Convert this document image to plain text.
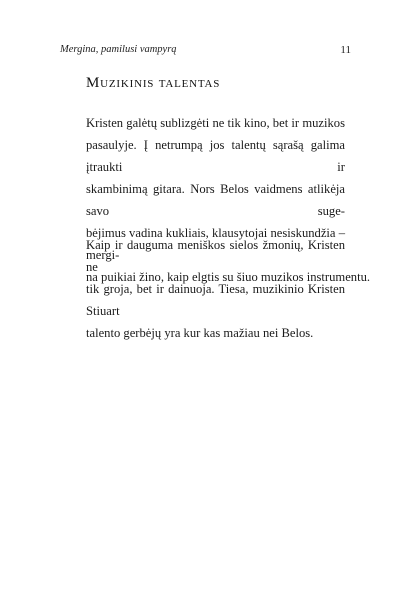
Mergina, pamilusi vampyrą	11
Muzikinis talentas
Kristen galėtų sublizgėti ne tik kino, bet ir muzikos
pasaulyje. Į netrumpą jos talentų sąrašą galima įtraukti ir
skambinimą gitara. Nors Belos vaidmens atlikėja savo suge-
bėjimus vadina kukliais, klausytojai nesiskundžia – mergi-
na puikiai žino, kaip elgtis su šiuo muzikos instrumentu.
Kaip ir dauguma meniškos sielos žmonių, Kristen ne
tik groja, bet ir dainuoja. Tiesa, muzikinio Kristen Stiuart
talento gerbėjų yra kur kas mažiau nei Belos.
